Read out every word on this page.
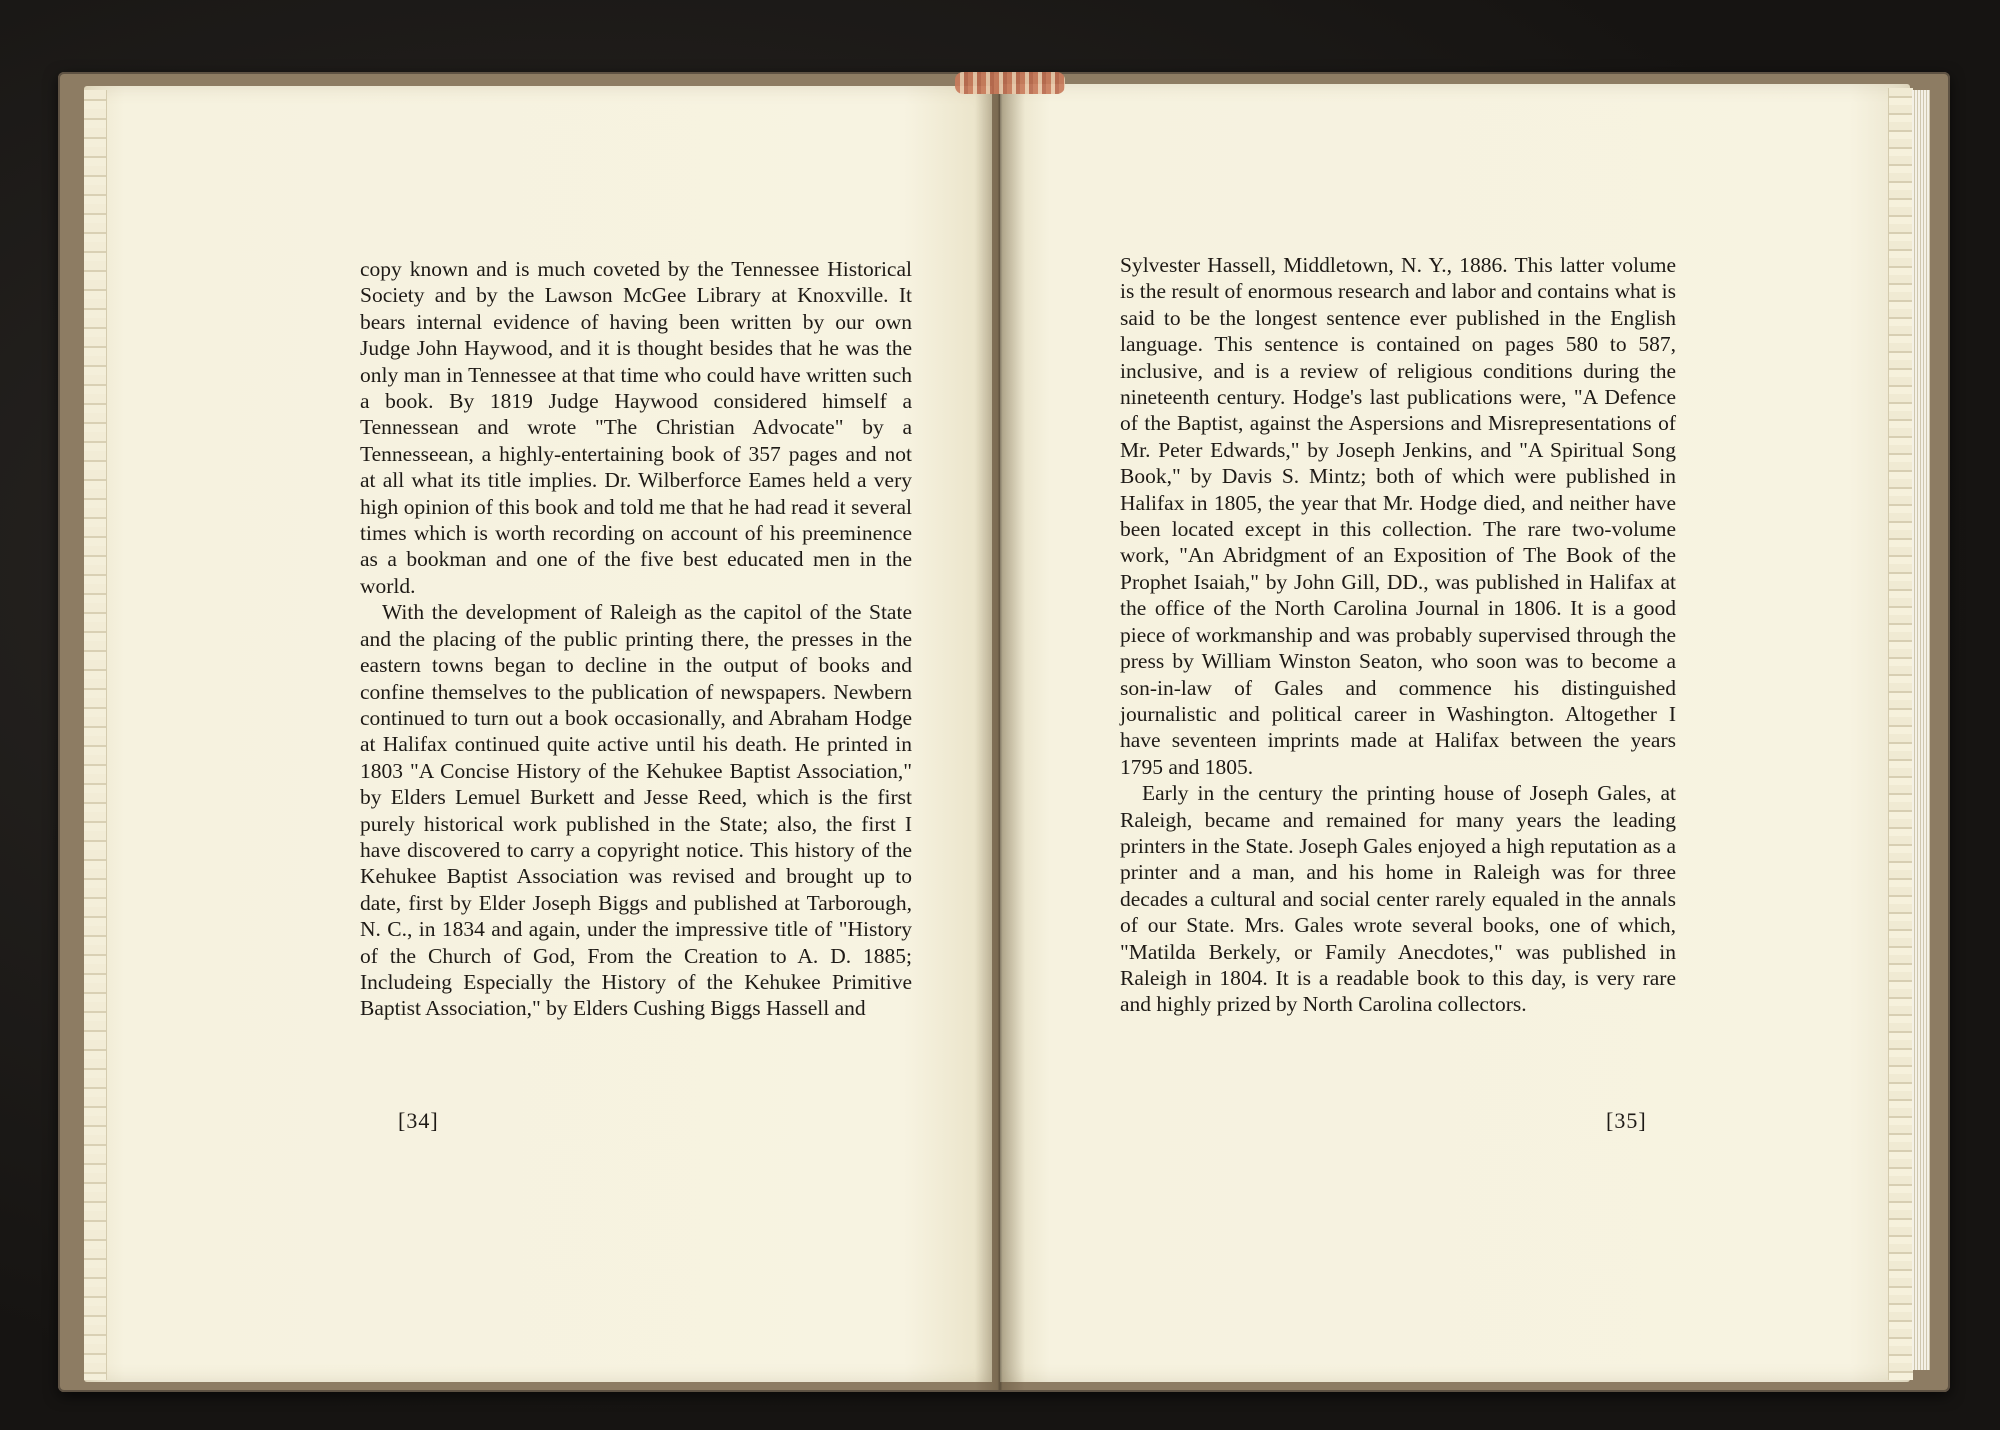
copy known and is much coveted by the Tennessee Historical Society and by the Lawson McGee Library at Knoxville. It bears internal evidence of having been written by our own Judge John Haywood, and it is thought besides that he was the only man in Tennessee at that time who could have written such a book. By 1819 Judge Haywood considered himself a Tennessean and wrote "The Christian Advocate" by a Tennesseean, a highly-entertaining book of 357 pages and not at all what its title implies. Dr. Wilberforce Eames held a very high opinion of this book and told me that he had read it several times which is worth recording on account of his preeminence as a bookman and one of the five best educated men in the world.

With the development of Raleigh as the capitol of the State and the placing of the public printing there, the presses in the eastern towns began to decline in the output of books and confine themselves to the publication of newspapers. Newbern continued to turn out a book occasionally, and Abraham Hodge at Halifax continued quite active until his death. He printed in 1803 "A Concise History of the Kehukee Baptist Association," by Elders Lemuel Burkett and Jesse Reed, which is the first purely historical work published in the State; also, the first I have discovered to carry a copyright notice. This history of the Kehukee Baptist Association was revised and brought up to date, first by Elder Joseph Biggs and published at Tarborough, N. C., in 1834 and again, under the impressive title of "History of the Church of God, From the Creation to A. D. 1885; Includeing Especially the History of the Kehukee Primitive Baptist Association," by Elders Cushing Biggs Hassell and

[34]

Sylvester Hassell, Middletown, N. Y., 1886. This latter volume is the result of enormous research and labor and contains what is said to be the longest sentence ever published in the English language. This sentence is contained on pages 580 to 587, inclusive, and is a review of religious conditions during the nineteenth century. Hodge's last publications were, "A Defence of the Baptist, against the Aspersions and Misrepresentations of Mr. Peter Edwards," by Joseph Jenkins, and "A Spiritual Song Book," by Davis S. Mintz; both of which were published in Halifax in 1805, the year that Mr. Hodge died, and neither have been located except in this collection. The rare two-volume work, "An Abridgment of an Exposition of The Book of the Prophet Isaiah," by John Gill, DD., was published in Halifax at the office of the North Carolina Journal in 1806. It is a good piece of workmanship and was probably supervised through the press by William Winston Seaton, who soon was to become a son-in-law of Gales and commence his distinguished journalistic and political career in Washington. Altogether I have seventeen imprints made at Halifax between the years 1795 and 1805.

Early in the century the printing house of Joseph Gales, at Raleigh, became and remained for many years the leading printers in the State. Joseph Gales enjoyed a high reputation as a printer and a man, and his home in Raleigh was for three decades a cultural and social center rarely equaled in the annals of our State. Mrs. Gales wrote several books, one of which, "Matilda Berkely, or Family Anecdotes," was published in Raleigh in 1804. It is a readable book to this day, is very rare and highly prized by North Carolina collectors.

[35]
